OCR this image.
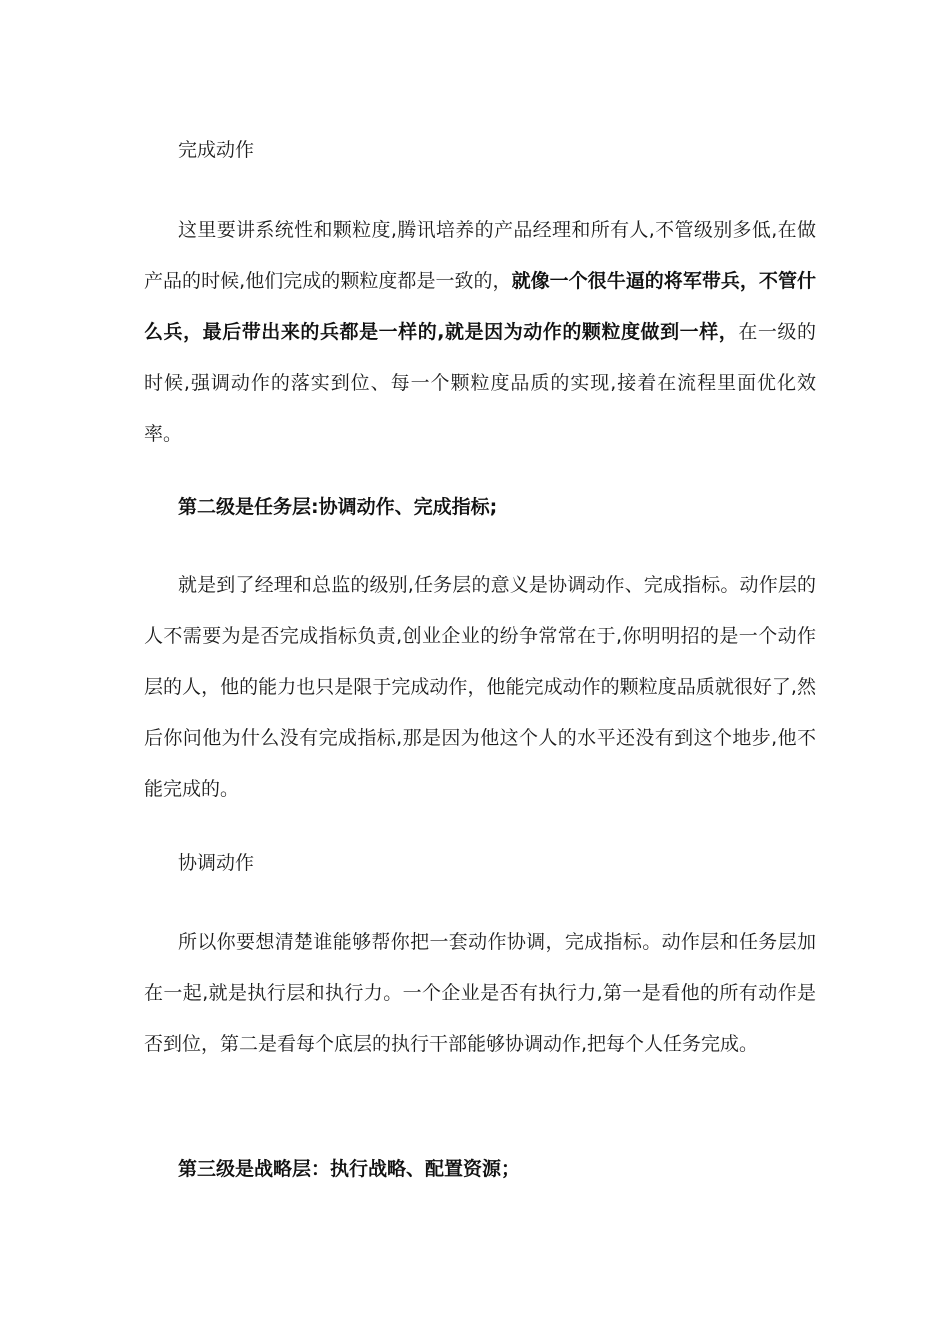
完成动作

这里要讲系统性和颗粒度,腾讯培养的产品经理和所有人,不管级别多低,在做产品的时候,他们完成的颗粒度都是一致的，就像一个很牛逼的将军带兵，不管什么兵，最后带出来的兵都是一样的,就是因为动作的颗粒度做到一样，在一级的时候,强调动作的落实到位、每一个颗粒度品质的实现,接着在流程里面优化效率。

第二级是任务层:协调动作、完成指标;

就是到了经理和总监的级别,任务层的意义是协调动作、完成指标。动作层的人不需要为是否完成指标负责,创业企业的纷争常常在于,你明明招的是一个动作层的人，他的能力也只是限于完成动作，他能完成动作的颗粒度品质就很好了,然后你问他为什么没有完成指标,那是因为他这个人的水平还没有到这个地步,他不能完成的。

协调动作

所以你要想清楚谁能够帮你把一套动作协调，完成指标。动作层和任务层加在一起,就是执行层和执行力。一个企业是否有执行力,第一是看他的所有动作是否到位，第二是看每个底层的执行干部能够协调动作,把每个人任务完成。

第三级是战略层：执行战略、配置资源；
